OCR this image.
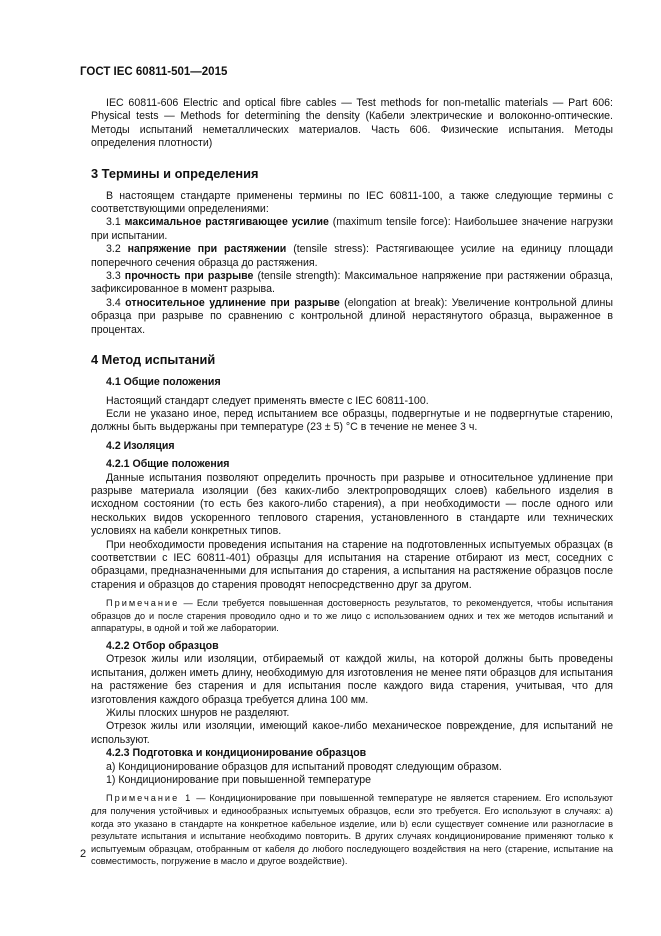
ГОСТ IEC 60811-501—2015

IEC 60811-606 Electric and optical fibre cables — Test methods for non-metallic materials — Part 606: Physical tests — Methods for determining the density (Кабели электрические и волоконно-оптические. Методы испытаний неметаллических материалов. Часть 606. Физические испытания. Методы определения плотности)

3 Термины и определения

В настоящем стандарте применены термины по IEC 60811-100, а также следующие термины с соответствующими определениями:

3.1 максимальное растягивающее усилие (maximum tensile force): Наибольшее значение нагрузки при испытании.

3.2 напряжение при растяжении (tensile stress): Растягивающее усилие на единицу площади поперечного сечения образца до растяжения.

3.3 прочность при разрыве (tensile strength): Максимальное напряжение при растяжении образца, зафиксированное в момент разрыва.

3.4 относительное удлинение при разрыве (elongation at break): Увеличение контрольной длины образца при разрыве по сравнению с контрольной длиной нерастянутого образца, выраженное в процентах.

4 Метод испытаний

4.1 Общие положения

Настоящий стандарт следует применять вместе с IEC 60811-100.

Если не указано иное, перед испытанием все образцы, подвергнутые и не подвергнутые старению, должны быть выдержаны при температуре (23 ± 5) °С в течение не менее 3 ч.

4.2 Изоляция

4.2.1 Общие положения

Данные испытания позволяют определить прочность при разрыве и относительное удлинение при разрыве материала изоляции (без каких-либо электропроводящих слоев) кабельного изделия в исходном состоянии (то есть без какого-либо старения), а при необходимости — после одного или нескольких видов ускоренного теплового старения, установленного в стандарте или технических условиях на кабели конкретных типов.

При необходимости проведения испытания на старение на подготовленных испытуемых образцах (в соответствии с IEC 60811-401) образцы для испытания на старение отбирают из мест, соседних с образцами, предназначенными для испытания до старения, а испытания на растяжение образцов после старения и образцов до старения проводят непосредственно друг за другом.

Примечание — Если требуется повышенная достоверность результатов, то рекомендуется, чтобы испытания образцов до и после старения проводило одно и то же лицо с использованием одних и тех же методов испытаний и аппаратуры, в одной и той же лаборатории.

4.2.2 Отбор образцов

Отрезок жилы или изоляции, отбираемый от каждой жилы, на которой должны быть проведены испытания, должен иметь длину, необходимую для изготовления не менее пяти образцов для испытания на растяжение без старения и для испытания после каждого вида старения, учитывая, что для изготовления каждого образца требуется длина 100 мм.

Жилы плоских шнуров не разделяют.

Отрезок жилы или изоляции, имеющий какое-либо механическое повреждение, для испытаний не используют.

4.2.3 Подготовка и кондиционирование образцов

а) Кондиционирование образцов для испытаний проводят следующим образом.

1) Кондиционирование при повышенной температуре

Примечание 1 — Кондиционирование при повышенной температуре не является старением. Его используют для получения устойчивых и единообразных испытуемых образцов, если это требуется. Его используют в случаях: а) когда это указано в стандарте на конкретное кабельное изделие, или b) если существует сомнение или разногласие в результате испытания и испытание необходимо повторить. В других случаях кондиционирование применяют только к испытуемым образцам, отобранным от кабеля до любого последующего воздействия на него (старение, испытание на совместимость, погружение в масло и другое воздействие).

2
